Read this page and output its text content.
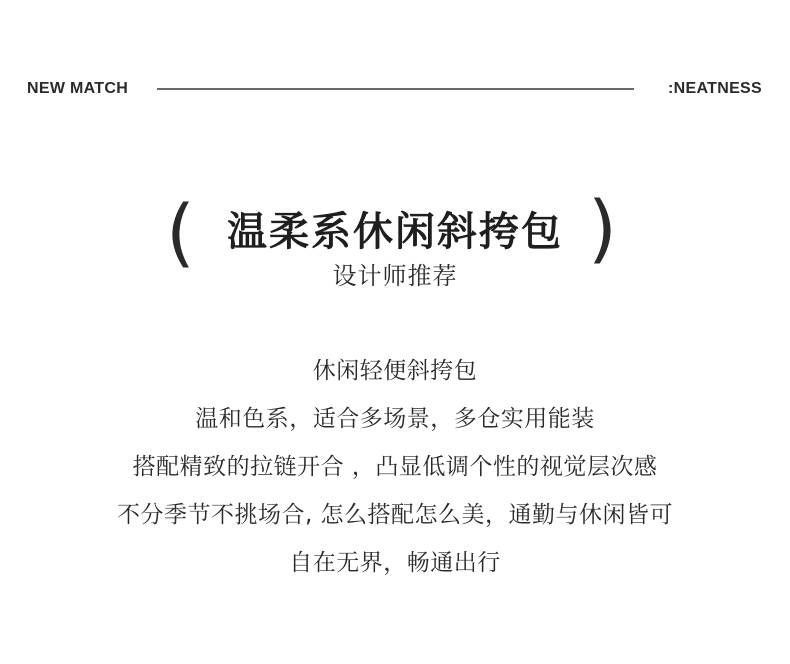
NEW MATCH	:NEATNESS
( 温柔系休闲斜挎包 )
设计师推荐
休闲轻便斜挎包
温和色系，适合多场景，多仓实用能装
搭配精致的拉链开合 ，凸显低调个性的视觉层次感
不分季节不挑场合, 怎么搭配怎么美，通勤与休闲皆可
自在无界，畅通出行
